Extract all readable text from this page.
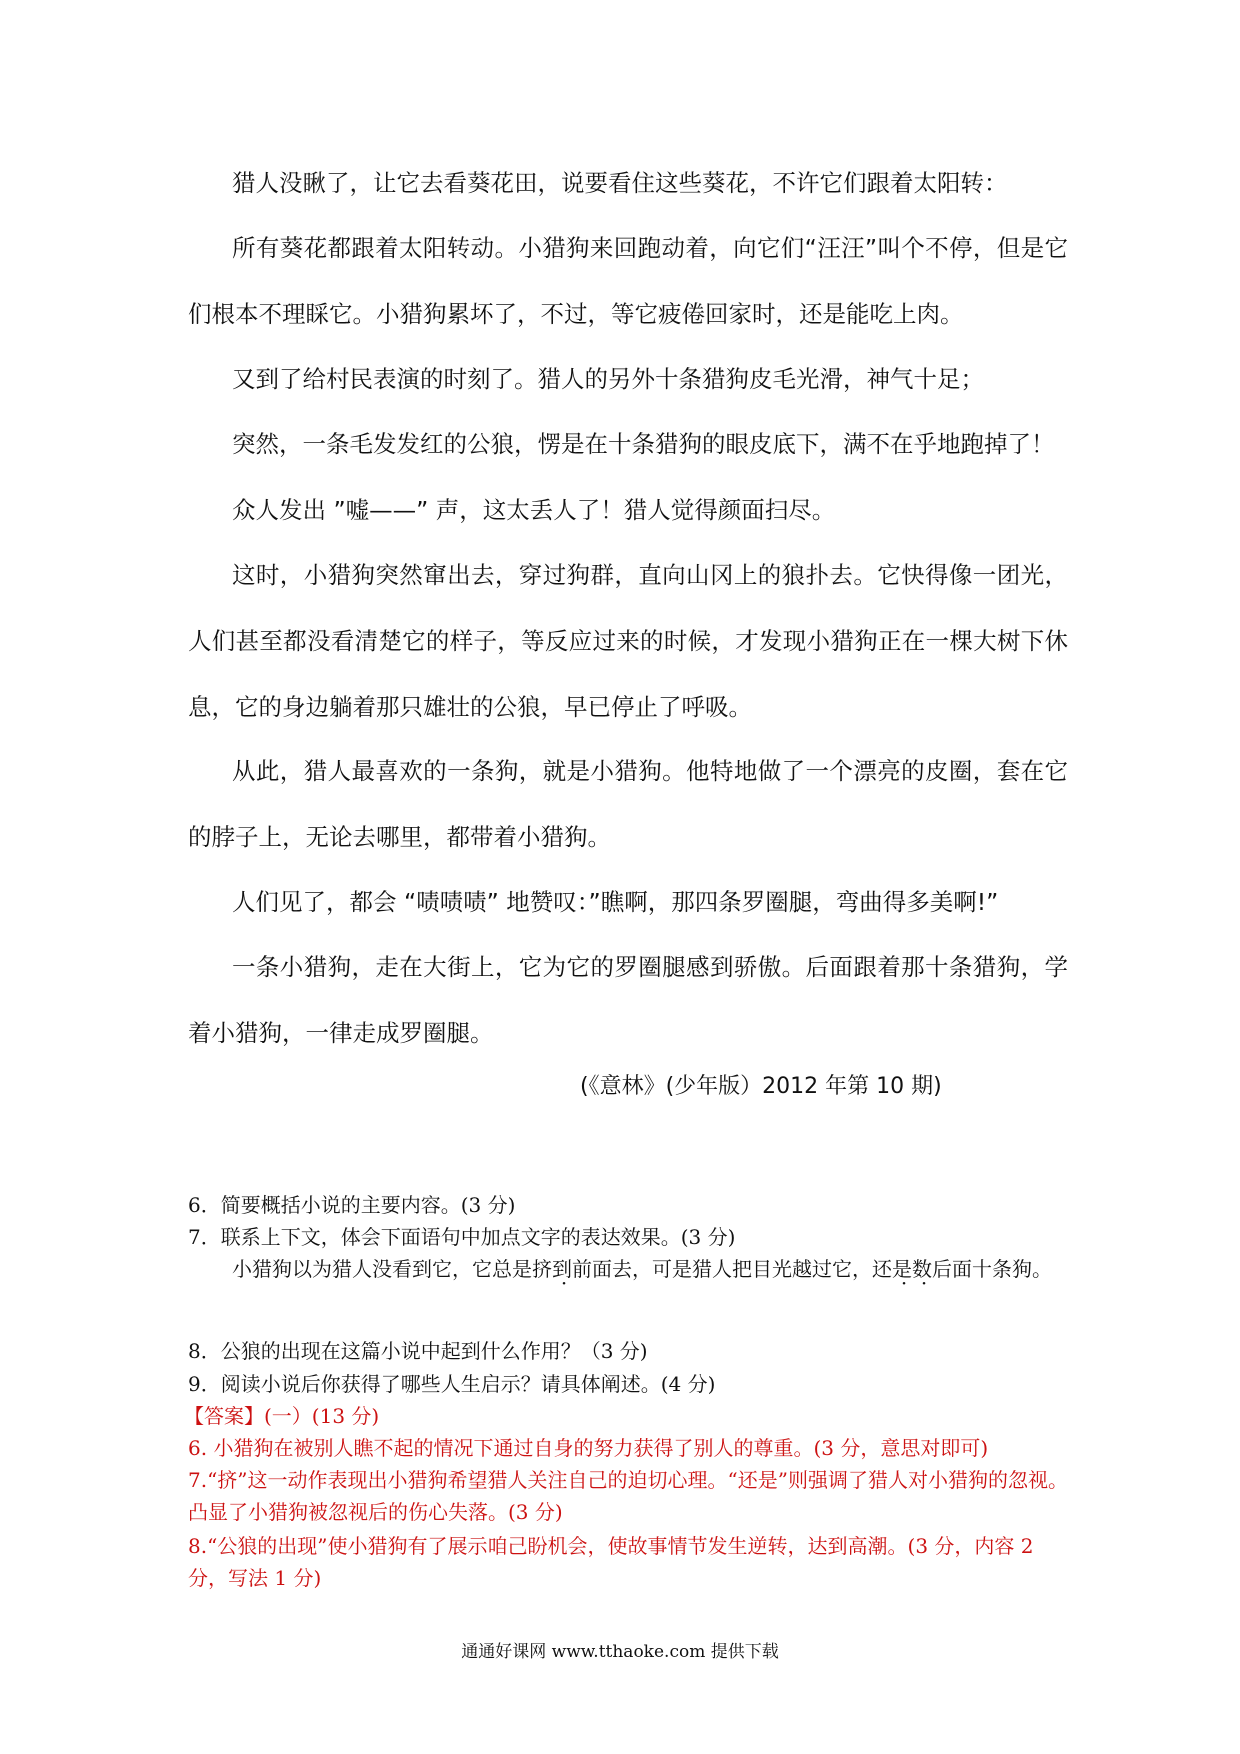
猎人没瞅了，让它去看葵花田，说要看住这些葵花，不许它们跟着太阳转：

所有葵花都跟着太阳转动。小猎狗来回跑动着，向它们“汪汪”叫个不停，但是它们根本不理睬它。小猎狗累坏了，不过，等它疲倦回家时，还是能吃上肉。

又到了给村民表演的时刻了。猎人的另外十条猎狗皮毛光滑，神气十足；

突然，一条毛发发红的公狼，愣是在十条猎狗的眼皮底下，满不在乎地跑掉了！

众人发出 ”嘘——” 声，这太丢人了！猎人觉得颜面扫尽。

这时，小猎狗突然窜出去，穿过狗群，直向山冈上的狼扑去。它快得像一团光，人们甚至都没看清楚它的样子，等反应过来的时候，才发现小猎狗正在一棵大树下休息，它的身边躺着那只雄壮的公狼，早已停止了呼吸。

从此，猎人最喜欢的一条狗，就是小猎狗。他特地做了一个漂亮的皮圈，套在它的脖子上，无论去哪里，都带着小猎狗。

人们见了，都会 “啧啧啧” 地赞叹：”瞧啊，那四条罗圈腿，弯曲得多美啊!”

一条小猎狗，走在大街上，它为它的罗圈腿感到骄傲。后面跟着那十条猎狗，学着小猎狗，一律走成罗圈腿。

(《意林》(少年版）2012 年第 10 期)

6．简要概括小说的主要内容。(3 分)

7．联系上下文，体会下面语句中加点文字的表达效果。(3 分)

小猎狗以为猎人没看到它，它总是挤到前面去，可是猎人把目光越过它，还是数后面十条狗。

8．公狼的出现在这篇小说中起到什么作用？（3 分)

9．阅读小说后你获得了哪些人生启示？请具体阐述。(4 分)

【答案】(一）(13 分)

6. 小猎狗在被别人瞧不起的情况下通过自身的努力获得了别人的尊重。(3 分，意思对即可)

7.“挤”这一动作表现出小猎狗希望猎人关注自己的迫切心理。“还是”则强调了猎人对小猎狗的忽视。凸显了小猎狗被忽视后的伤心失落。(3 分)

8.“公狼的出现”使小猎狗有了展示咱己盼机会，使故事情节发生逆转，达到高潮。(3 分，内容 2 分，写法 1 分)

通通好课网 www.tthaoke.com 提供下载
